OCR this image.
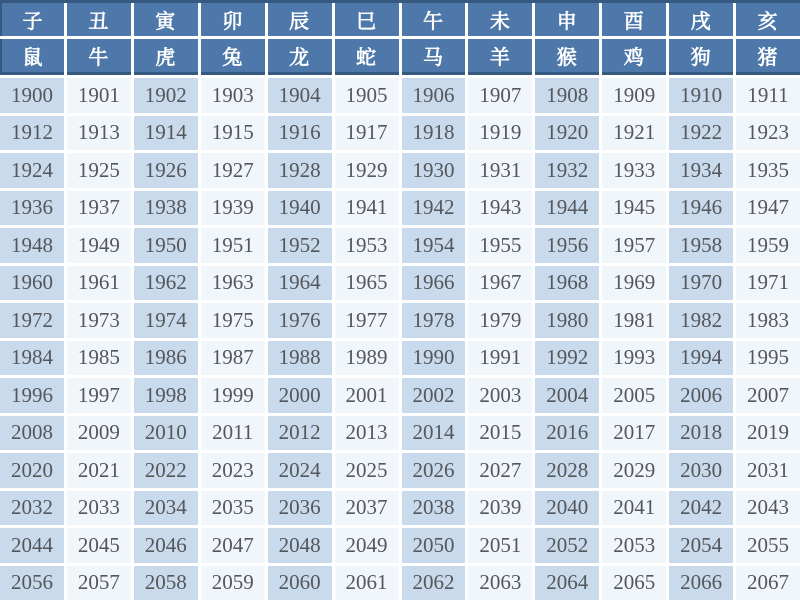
子	丑	寅	卯	辰	巳	午	未	申	酉	戌	亥
鼠	牛	虎	兔	龙	蛇	马	羊	猴	鸡	狗	猪
1900	1901	1902	1903	1904	1905	1906	1907	1908	1909	1910	1911
1912	1913	1914	1915	1916	1917	1918	1919	1920	1921	1922	1923
1924	1925	1926	1927	1928	1929	1930	1931	1932	1933	1934	1935
1936	1937	1938	1939	1940	1941	1942	1943	1944	1945	1946	1947
1948	1949	1950	1951	1952	1953	1954	1955	1956	1957	1958	1959
1960	1961	1962	1963	1964	1965	1966	1967	1968	1969	1970	1971
1972	1973	1974	1975	1976	1977	1978	1979	1980	1981	1982	1983
1984	1985	1986	1987	1988	1989	1990	1991	1992	1993	1994	1995
1996	1997	1998	1999	2000	2001	2002	2003	2004	2005	2006	2007
2008	2009	2010	2011	2012	2013	2014	2015	2016	2017	2018	2019
2020	2021	2022	2023	2024	2025	2026	2027	2028	2029	2030	2031
2032	2033	2034	2035	2036	2037	2038	2039	2040	2041	2042	2043
2044	2045	2046	2047	2048	2049	2050	2051	2052	2053	2054	2055
2056	2057	2058	2059	2060	2061	2062	2063	2064	2065	2066	2067
